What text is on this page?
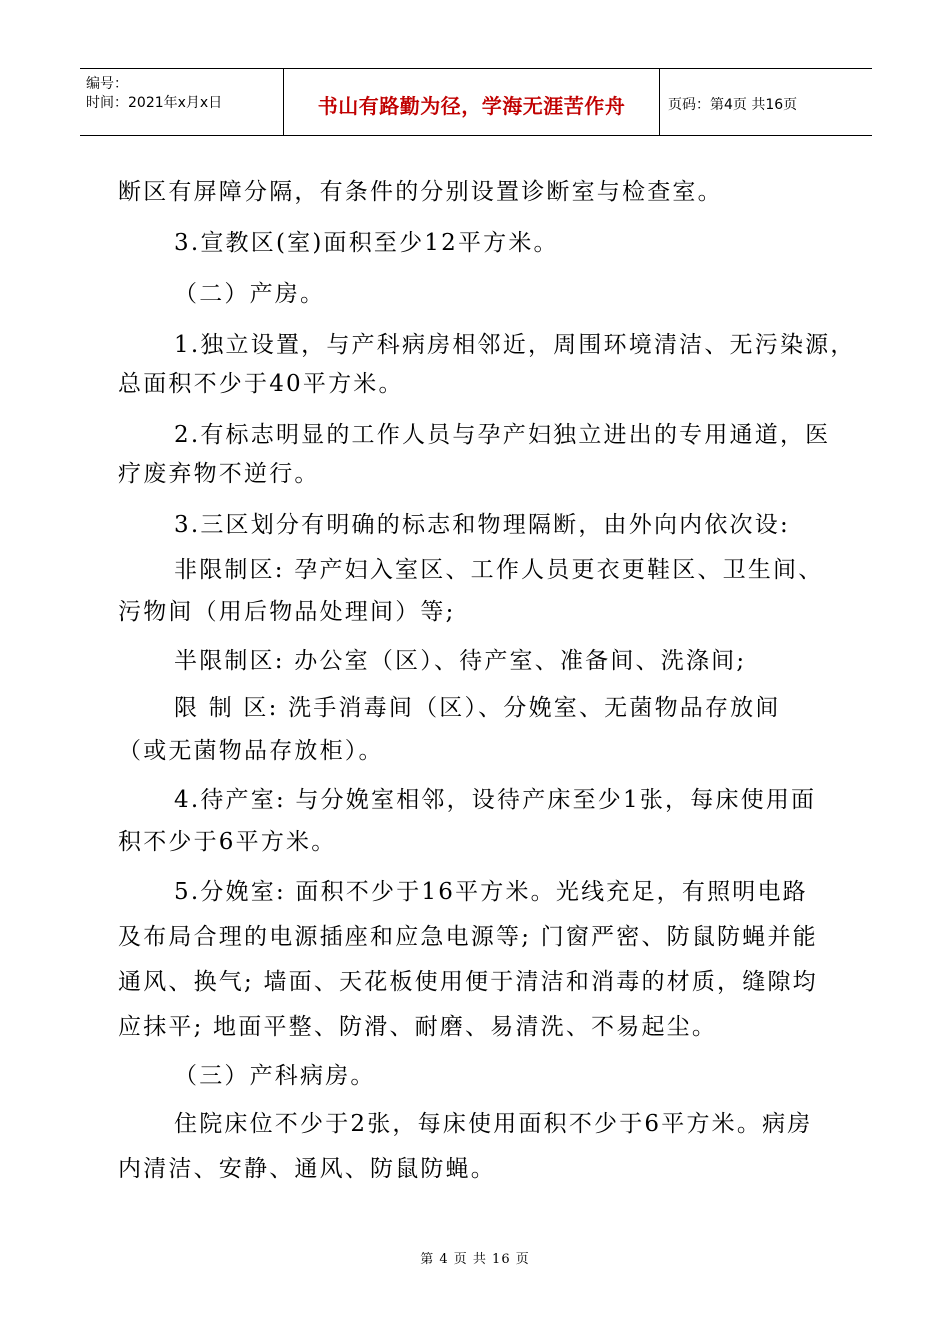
编号：
时间：2021年x月x日	书山有路勤为径，学海无涯苦作舟	页码：第4页 共16页
断区有屏障分隔，有条件的分别设置诊断室与检查室。
3.宣教区(室)面积至少12平方米。
（二）产房。
1.独立设置，与产科病房相邻近，周围环境清洁、无污染源，
总面积不少于40平方米。
2.有标志明显的工作人员与孕产妇独立进出的专用通道，医
疗废弃物不逆行。
3.三区划分有明确的标志和物理隔断，由外向内依次设:
非限制区: 孕产妇入室区、工作人员更衣更鞋区、卫生间、
污物间（用后物品处理间）等;
半限制区: 办公室（区）、待产室、准备间、洗涤间;
限 制 区: 洗手消毒间（区）、分娩室、无菌物品存放间
（或无菌物品存放柜）。
4.待产室: 与分娩室相邻，设待产床至少1张，每床使用面
积不少于6平方米。
5.分娩室: 面积不少于16平方米。光线充足，有照明电路
及布局合理的电源插座和应急电源等; 门窗严密、防鼠防蝇并能
通风、换气; 墙面、天花板使用便于清洁和消毒的材质，缝隙均
应抹平; 地面平整、防滑、耐磨、易清洗、不易起尘。
（三）产科病房。
住院床位不少于2张，每床使用面积不少于6平方米。病房
内清洁、安静、通风、防鼠防蝇。
第 4 页 共 16 页
